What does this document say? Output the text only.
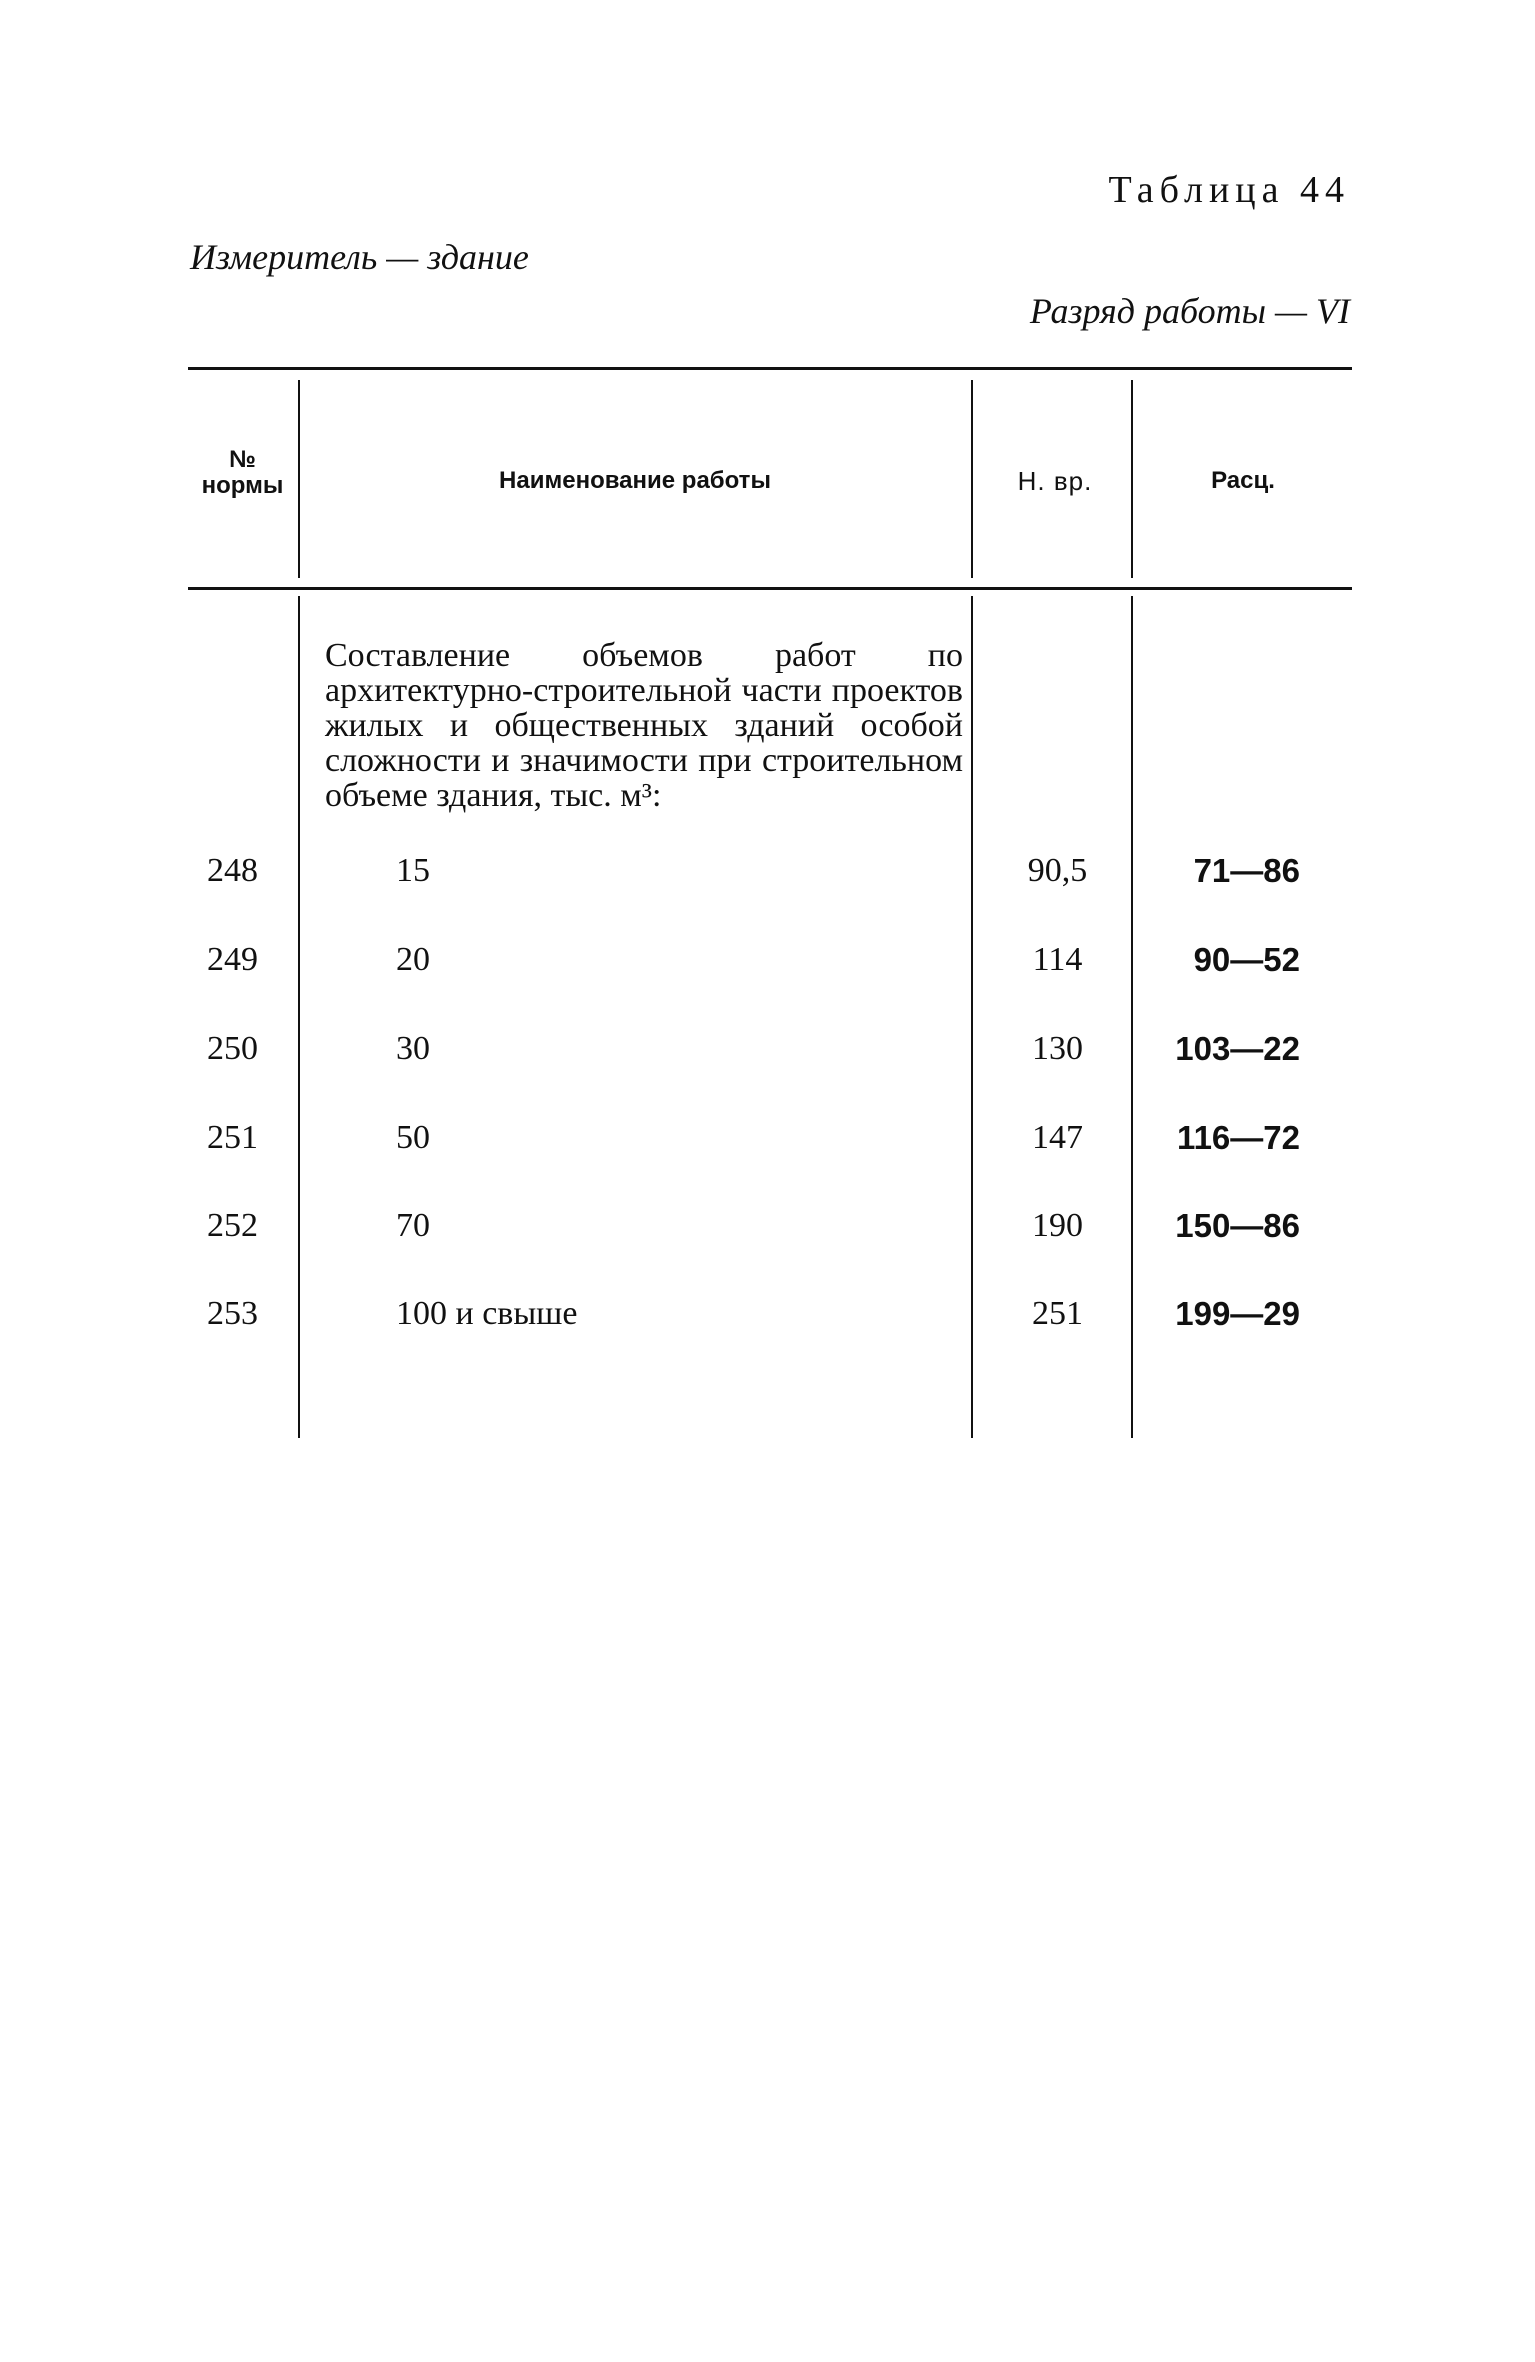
Таблица 44
Измеритель — здание
Разряд работы — VI
№
нормы	Наименование работы	Н. вр.	Расц.
Составление объемов работ по архитектурно-строительной части проектов жилых и общественных зданий особой сложности и значимости при строительном объеме здания, тыс. м³:
248	15	90,5	71—86
249	20	114	90—52
250	30	130	103—22
251	50	147	116—72
252	70	190	150—86
253	100 и свыше	251	199—29
